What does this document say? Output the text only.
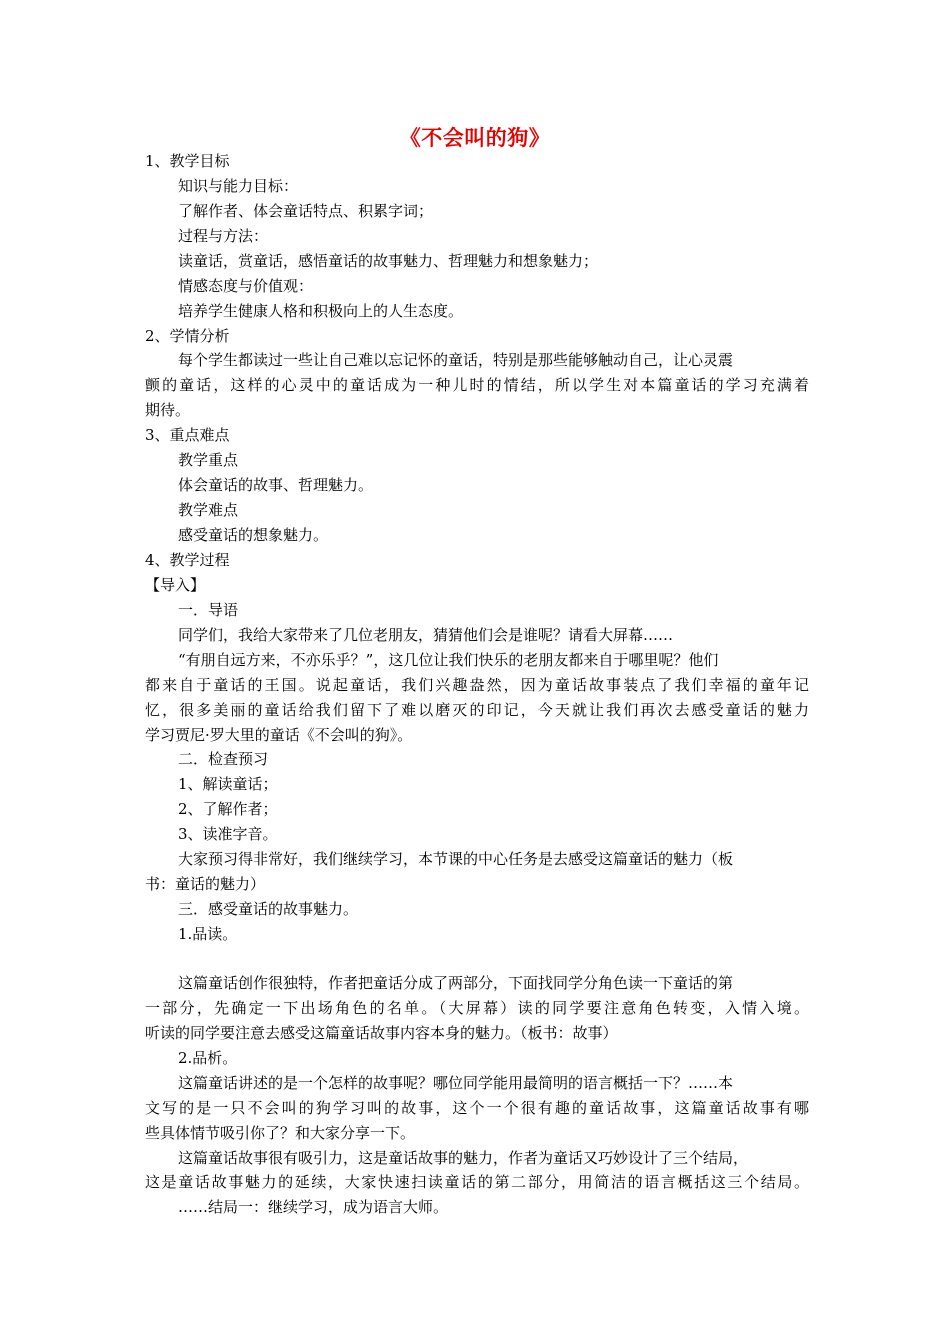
《不会叫的狗》
1、教学目标
知识与能力目标：
了解作者、体会童话特点、积累字词；
过程与方法：
读童话，赏童话，感悟童话的故事魅力、哲理魅力和想象魅力；
情感态度与价值观：
培养学生健康人格和积极向上的人生态度。
2、学情分析
每个学生都读过一些让自己难以忘记怀的童话，特别是那些能够触动自己，让心灵震
颤的童话，这样的心灵中的童话成为一种儿时的情结，所以学生对本篇童话的学习充满着
期待。
3、重点难点
教学重点
体会童话的故事、哲理魅力。
教学难点
感受童话的想象魅力。
4、教学过程
【导入】
一．导语
同学们，我给大家带来了几位老朋友，猜猜他们会是谁呢？请看大屏幕……
“有朋自远方来，不亦乐乎？”，这几位让我们快乐的老朋友都来自于哪里呢？他们
都来自于童话的王国。说起童话，我们兴趣盎然，因为童话故事装点了我们幸福的童年记
忆，很多美丽的童话给我们留下了难以磨灭的印记，今天就让我们再次去感受童话的魅力
学习贾尼·罗大里的童话《不会叫的狗》。
二．检查预习
1、解读童话；
2、了解作者；
3、读准字音。
大家预习得非常好，我们继续学习，本节课的中心任务是去感受这篇童话的魅力（板
书：童话的魅力）
三．感受童话的故事魅力。
1.品读。
这篇童话创作很独特，作者把童话分成了两部分，下面找同学分角色读一下童话的第
一部分，先确定一下出场角色的名单。（大屏幕）读的同学要注意角色转变，入情入境。
听读的同学要注意去感受这篇童话故事内容本身的魅力。（板书：故事）
2.品析。
这篇童话讲述的是一个怎样的故事呢？哪位同学能用最简明的语言概括一下？……本
文写的是一只不会叫的狗学习叫的故事，这个一个很有趣的童话故事，这篇童话故事有哪
些具体情节吸引你了？和大家分享一下。
这篇童话故事很有吸引力，这是童话故事的魅力，作者为童话又巧妙设计了三个结局，
这是童话故事魅力的延续，大家快速扫读童话的第二部分，用简洁的语言概括这三个结局。
……结局一：继续学习，成为语言大师。
